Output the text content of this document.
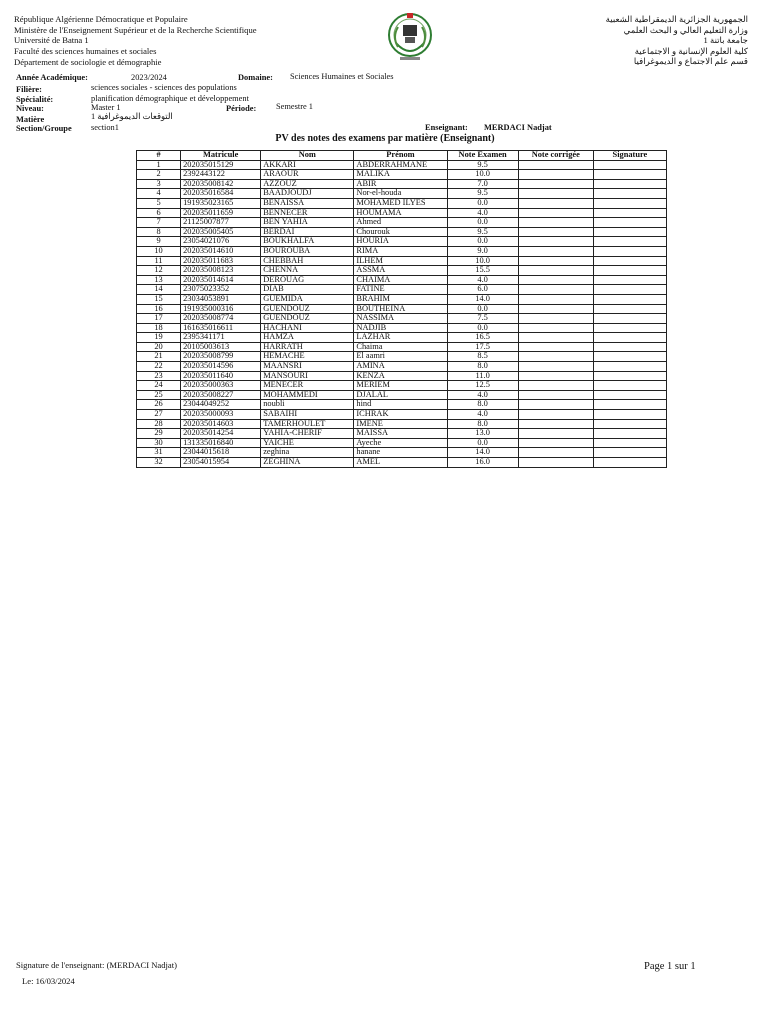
République Algérienne Démocratique et Populaire
Ministère de l'Enseignement Supérieur et de la Recherche Scientifique
Université de Batna 1
Faculté des sciences humaines et sociales
Département de sociologie et démographie
الجمهورية الجزائرية الديمقراطية الشعبية
وزارة التعليم العالي و البحث العلمي
جامعة باتنة 1
كلية العلوم الإنسانية و الاجتماعية
قسم علم الاجتماع و الديموغرافيا
Année Académique:	2023/2024	Domaine: Sciences Humaines et Sociales
Filière:	sciences sociales - sciences des populations
Spécialité:	planification démographique et développement
Niveau:	Master 1	Période: Semestre 1
Matière	التوقعات الديموغرافية 1
Section/Groupe section1	Enseignant: MERDACI Nadjat
PV des notes des examens par matière (Enseignant)
#	Matricule	Nom	Prénom	Note Examen	Note corrigée	Signature
1	202035015129	AKKARI	ABDERRAHMANE	9.5		
2	2392443122	ARAOUR	MALIKA	10.0		
3	202035008142	AZZOUZ	ABIR	7.0		
4	202035016584	BAADJOUDJ	Nor-el-houda	9.5		
5	191935023165	BENAISSA	MOHAMED ILYES	0.0		
6	202035011659	BENNECER	HOUMAMA	4.0		
7	21125007877	BEN YAHIA	Ahmed	0.0		
8	202035005405	BERDAI	Chourouk	9.5		
9	23054021076	BOUKHALFA	HOURIA	0.0		
10	202035014610	BOUROUBA	RIMA	9.0		
11	202035011683	CHEBBAH	ILHEM	10.0		
12	202035008123	CHENNA	ASSMA	15.5		
13	202035014614	DEROUAG	CHAIMA	4.0		
14	23075023352	DIAB	FATINE	6.0		
15	23034053891	GUEMIDA	BRAHIM	14.0		
16	191935000316	GUENDOUZ	BOUTHEINA	0.0		
17	202035008774	GUENDOUZ	NASSIMA	7.5		
18	161635016611	HACHANI	NADJIB	0.0		
19	2395341171	HAMZA	LAZHAR	16.5		
20	20105003613	HARRATH	Chaima	17.5		
21	202035008799	HEMACHE	El aamri	8.5		
22	202035014596	MAANSRI	AMINA	8.0		
23	202035011640	MANSOURI	KENZA	11.0		
24	202035000363	MENECER	MERIEM	12.5		
25	202035008227	MOHAMMEDI	DJALAL	4.0		
26	23044049252	noubli	hind	8.0		
27	202035000093	SABAIHI	ICHRAK	4.0		
28	202035014603	TAMERHOULET	IMENE	8.0		
29	202035014254	YAHIA-CHERIF	MAISSA	13.0		
30	131335016840	YAICHE	Ayeche	0.0		
31	23044015618	zeghina	hanane	14.0		
32	23054015954	ZEGHINA	AMEL	16.0		
Signature de l'enseignant: (MERDACI Nadjat)
Le: 16/03/2024
Page 1 sur 1
